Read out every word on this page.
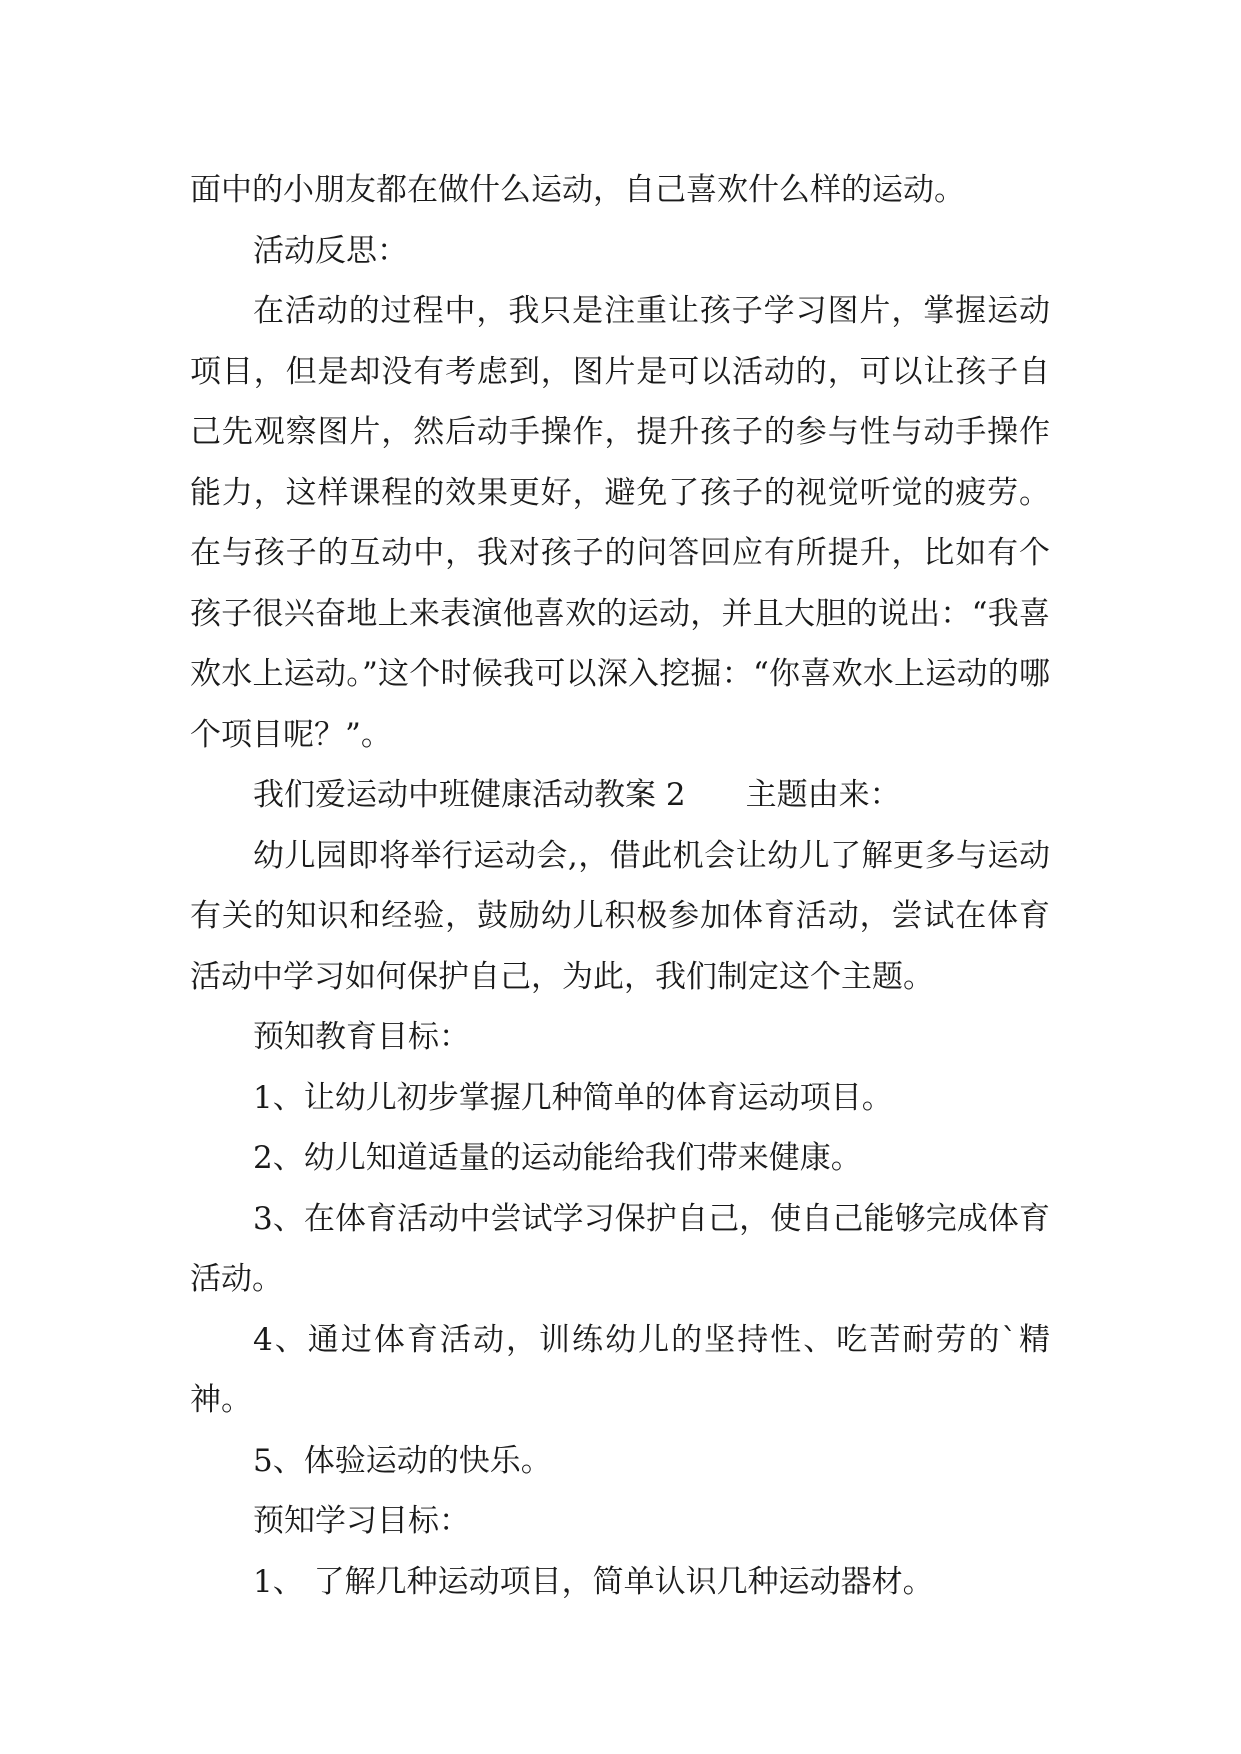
面中的小朋友都在做什么运动，自己喜欢什么样的运动。

活动反思：

在活动的过程中，我只是注重让孩子学习图片，掌握运动项目，但是却没有考虑到，图片是可以活动的，可以让孩子自己先观察图片，然后动手操作，提升孩子的参与性与动手操作能力，这样课程的效果更好，避免了孩子的视觉听觉的疲劳。在与孩子的互动中，我对孩子的问答回应有所提升，比如有个孩子很兴奋地上来表演他喜欢的运动，并且大胆的说出：“我喜欢水上运动。”这个时候我可以深入挖掘：“你喜欢水上运动的哪个项目呢？”。

我们爱运动中班健康活动教案 2 主题由来：

幼儿园即将举行运动会,，借此机会让幼儿了解更多与运动有关的知识和经验，鼓励幼儿积极参加体育活动，尝试在体育活动中学习如何保护自己，为此，我们制定这个主题。

预知教育目标：

1、让幼儿初步掌握几种简单的体育运动项目。

2、幼儿知道适量的运动能给我们带来健康。

3、在体育活动中尝试学习保护自己，使自己能够完成体育活动。

4、通过体育活动，训练幼儿的坚持性、吃苦耐劳的`精神。

5、体验运动的快乐。

预知学习目标：

1、 了解几种运动项目，简单认识几种运动器材。
